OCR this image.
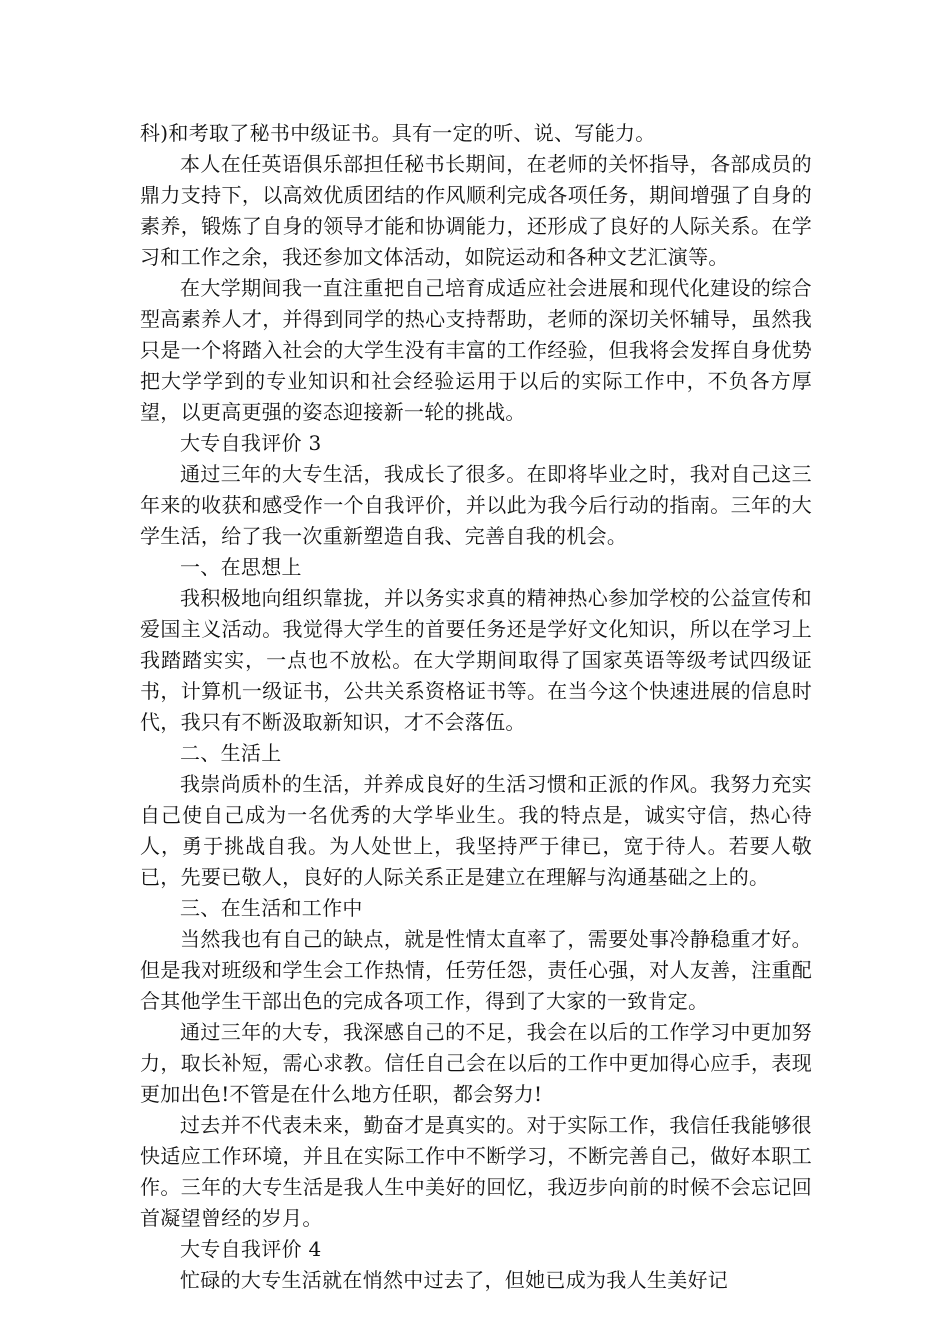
科)和考取了秘书中级证书。具有一定的听、说、写能力。

本人在任英语俱乐部担任秘书长期间，在老师的关怀指导，各部成员的鼎力支持下，以高效优质团结的作风顺利完成各项任务，期间增强了自身的素养，锻炼了自身的领导才能和协调能力，还形成了良好的人际关系。在学习和工作之余，我还参加文体活动，如院运动和各种文艺汇演等。

在大学期间我一直注重把自己培育成适应社会进展和现代化建设的综合型高素养人才，并得到同学的热心支持帮助，老师的深切关怀辅导，虽然我只是一个将踏入社会的大学生没有丰富的工作经验，但我将会发挥自身优势把大学学到的专业知识和社会经验运用于以后的实际工作中，不负各方厚望，以更高更强的姿态迎接新一轮的挑战。

大专自我评价 3

通过三年的大专生活，我成长了很多。在即将毕业之时，我对自己这三年来的收获和感受作一个自我评价，并以此为我今后行动的指南。三年的大学生活，给了我一次重新塑造自我、完善自我的机会。

一、在思想上

我积极地向组织靠拢，并以务实求真的精神热心参加学校的公益宣传和爱国主义活动。我觉得大学生的首要任务还是学好文化知识，所以在学习上我踏踏实实，一点也不放松。在大学期间取得了国家英语等级考试四级证书，计算机一级证书，公共关系资格证书等。在当今这个快速进展的信息时代，我只有不断汲取新知识，才不会落伍。

二、生活上

我崇尚质朴的生活，并养成良好的生活习惯和正派的作风。我努力充实自己使自己成为一名优秀的大学毕业生。我的特点是，诚实守信，热心待人，勇于挑战自我。为人处世上，我坚持严于律已，宽于待人。若要人敬已，先要已敬人，良好的人际关系正是建立在理解与沟通基础之上的。

三、在生活和工作中

当然我也有自己的缺点，就是性情太直率了，需要处事冷静稳重才好。但是我对班级和学生会工作热情，任劳任怨，责任心强，对人友善，注重配合其他学生干部出色的完成各项工作，得到了大家的一致肯定。

通过三年的大专，我深感自己的不足，我会在以后的工作学习中更加努力，取长补短，需心求教。信任自己会在以后的工作中更加得心应手，表现更加出色!不管是在什么地方任职，都会努力!

过去并不代表未来，勤奋才是真实的。对于实际工作，我信任我能够很快适应工作环境，并且在实际工作中不断学习，不断完善自己，做好本职工作。三年的大专生活是我人生中美好的回忆，我迈步向前的时候不会忘记回首凝望曾经的岁月。

大专自我评价 4

忙碌的大专生活就在悄然中过去了，但她已成为我人生美好记
